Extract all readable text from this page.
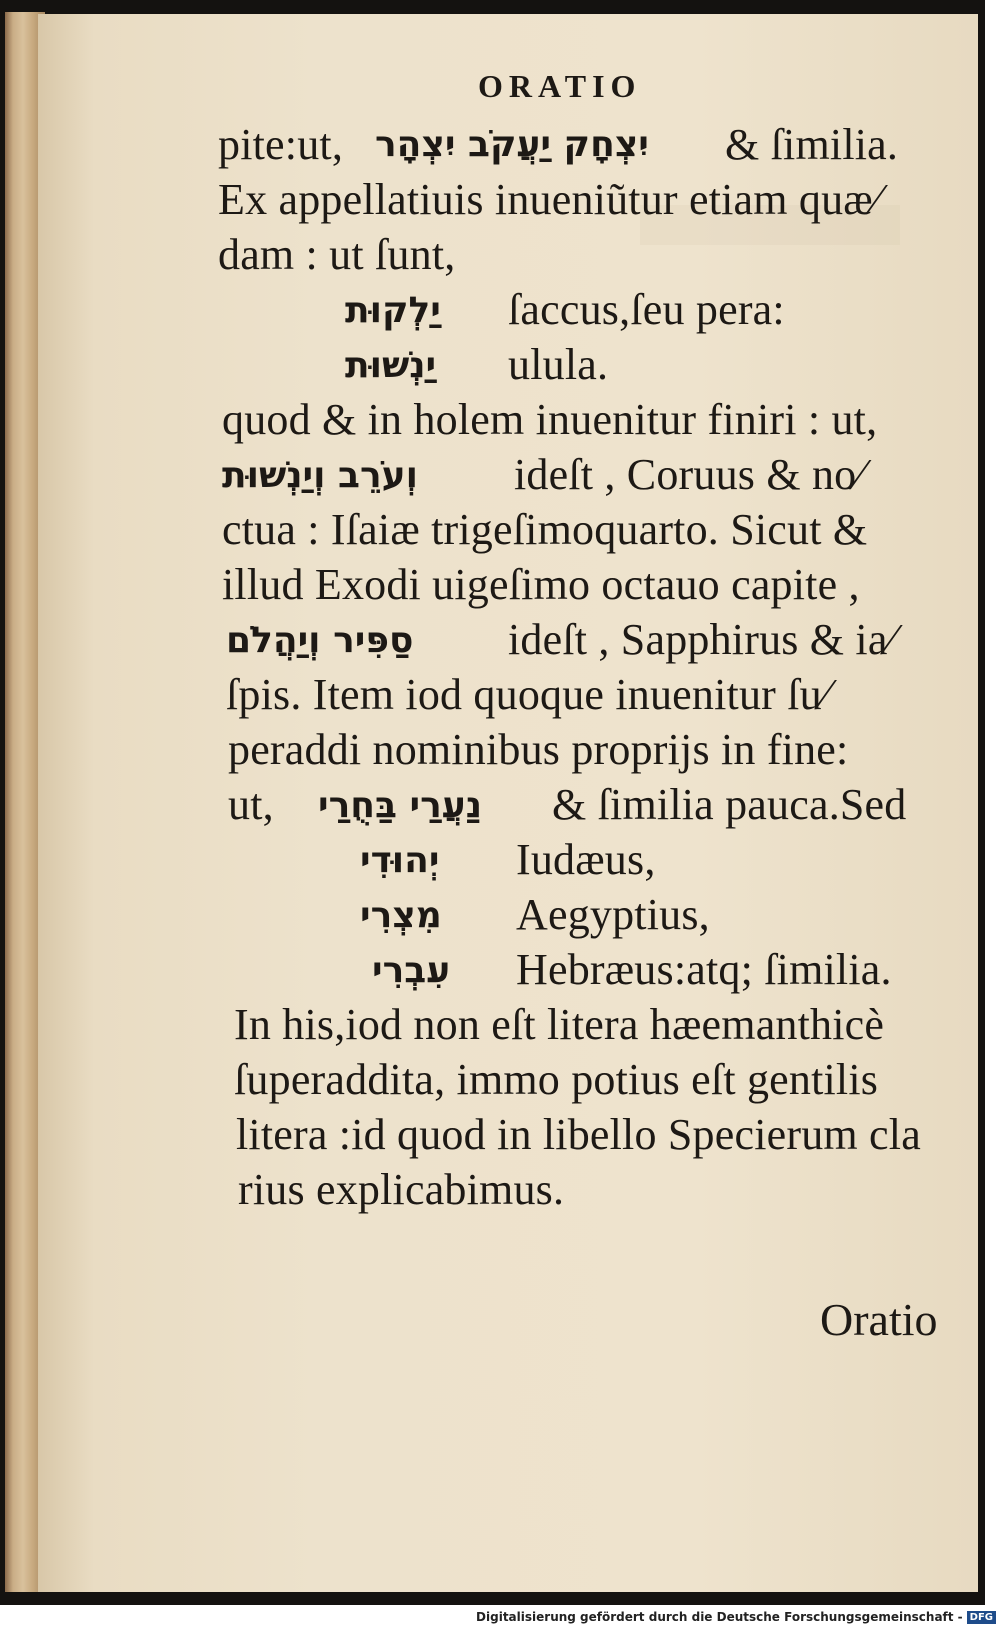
ORATIO
pite:ut, יִצְחָק יַעֲקֹב יִצְהָר & ſimilia.
Ex appellatiuis inueniũtur etiam quæ⁄
dam : ut ſunt,
יַלְקוּת ſaccus,ſeu pera:
יַנְשׁוּת ulula.
quod & in holem inuenitur finiri : ut,
וְעֹרֵב וְיַנְשׁוּת ideſt , Coruus & no⁄
ctua : Iſaiæ trigeſimoquarto. Sicut &
illud Exodi uigeſimo octauo capite ,
סַפִּיר וְיַהֲלֹם ideſt , Sapphirus & ia⁄
ſpis. Item iod quoque inuenitur ſu⁄
peraddi nominibus proprijs in fine:
ut, נַעֲרַי בַּחֻרַי & ſimilia pauca.Sed
יְהוּדִי Iudæus,
מִצְרִי Aegyptius,
עִבְרִי Hebræus:atq; ſimilia.
In his,iod non eſt litera hæemanthicè
ſuperaddita, immo potius eſt gentilis
litera :id quod in libello Specierum cla
rius explicabimus.
Oratio
Digitalisierung gefördert durch die Deutsche Forschungsgemeinschaft - DFG
